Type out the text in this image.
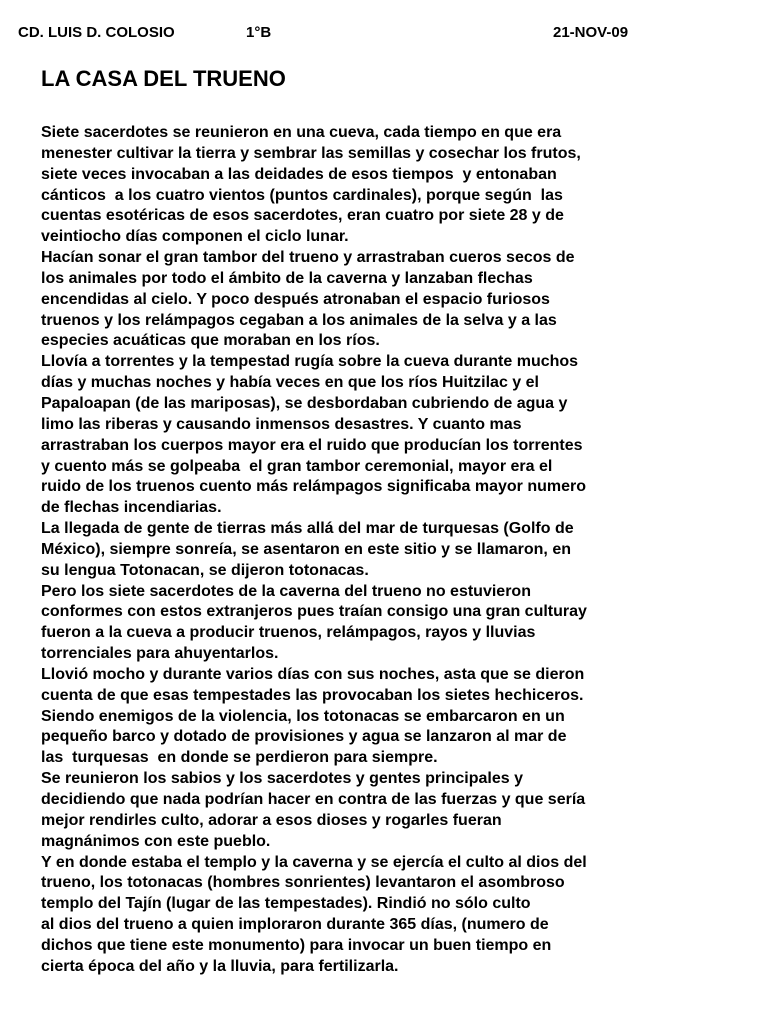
CD. LUIS D. COLOSIO	1°B	21-NOV-09
LA CASA DEL TRUENO
Siete sacerdotes se reunieron en una cueva, cada tiempo en que era
menester cultivar la tierra y sembrar las semillas y cosechar los frutos,
siete veces invocaban a las deidades de esos tiempos  y entonaban
cánticos  a los cuatro vientos (puntos cardinales), porque según  las
cuentas esotéricas de esos sacerdotes, eran cuatro por siete 28 y de
veintiocho días componen el ciclo lunar.
Hacían sonar el gran tambor del trueno y arrastraban cueros secos de
los animales por todo el ámbito de la caverna y lanzaban flechas
encendidas al cielo. Y poco después atronaban el espacio furiosos
truenos y los relámpagos cegaban a los animales de la selva y a las
especies acuáticas que moraban en los ríos.
Llovía a torrentes y la tempestad rugía sobre la cueva durante muchos
días y muchas noches y había veces en que los ríos Huitzilac y el
Papaloapan (de las mariposas), se desbordaban cubriendo de agua y
limo las riberas y causando inmensos desastres. Y cuanto mas
arrastraban los cuerpos mayor era el ruido que producían los torrentes
y cuento más se golpeaba  el gran tambor ceremonial, mayor era el
ruido de los truenos cuento más relámpagos significaba mayor numero
de flechas incendiarias.
La llegada de gente de tierras más allá del mar de turquesas (Golfo de
México), siempre sonreía, se asentaron en este sitio y se llamaron, en
su lengua Totonacan, se dijeron totonacas.
Pero los siete sacerdotes de la caverna del trueno no estuvieron
conformes con estos extranjeros pues traían consigo una gran culturay
fueron a la cueva a producir truenos, relámpagos, rayos y lluvias
torrenciales para ahuyentarlos.
Llovió mocho y durante varios días con sus noches, asta que se dieron
cuenta de que esas tempestades las provocaban los sietes hechiceros.
Siendo enemigos de la violencia, los totonacas se embarcaron en un
pequeño barco y dotado de provisiones y agua se lanzaron al mar de
las  turquesas  en donde se perdieron para siempre.
Se reunieron los sabios y los sacerdotes y gentes principales y
decidiendo que nada podrían hacer en contra de las fuerzas y que sería
mejor rendirles culto, adorar a esos dioses y rogarles fueran
magnánimos con este pueblo.
Y en donde estaba el templo y la caverna y se ejercía el culto al dios del
trueno, los totonacas (hombres sonrientes) levantaron el asombroso
templo del Tajín (lugar de las tempestades). Rindió no sólo culto
al dios del trueno a quien imploraron durante 365 días, (numero de
dichos que tiene este monumento) para invocar un buen tiempo en
cierta época del año y la lluvia, para fertilizarla.
